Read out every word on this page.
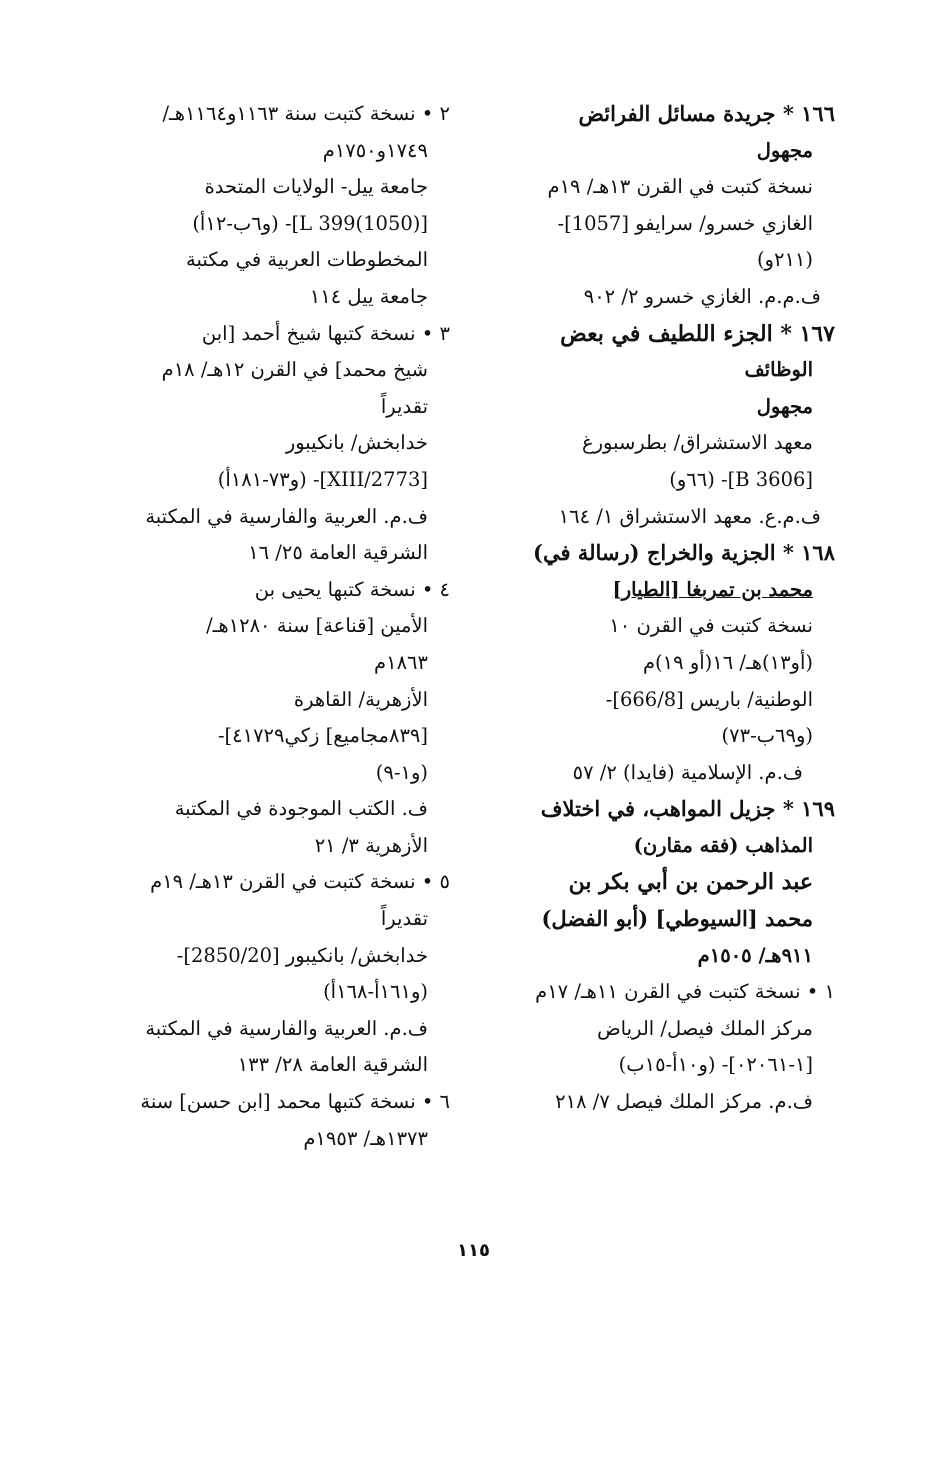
١٦٦ * جريدة مسائل الفرائض
مجهول
نسخة كتبت في القرن ١٣هـ/ ١٩م
الغازي خسرو/ سرايفو [1057]-
(٢١١و)
ف.م.م. الغازي خسرو ٢/ ٩٠٢
١٦٧ * الجزء اللطيف في بعض
الوظائف
مجهول
معهد الاستشراق/ بطرسبورغ
[B 3606]- (٦٦و)
ف.م.ع. معهد الاستشراق ١/ ١٦٤
١٦٨ * الجزية والخراج (رسالة في)
محمد بن تمربغا [الطيار]
نسخة كتبت في القرن ١٠
(أو١٣)هـ/ ١٦(أو ١٩)م
الوطنية/ باريس [666/8]-
(و٦٩ب-٧٣)
ف.م. الإسلامية (فايدا) ٢/ ٥٧
١٦٩ * جزيل المواهب، في اختلاف
المذاهب (فقه مقارن)
عبد الرحمن بن أبي بكر بن
محمد [السيوطي] (أبو الفضل)
٩١١هـ/ ١٥٠٥م
١ • نسخة كتبت في القرن ١١هـ/ ١٧م
مركز الملك فيصل/ الرياض
[١-٠٢٠٦١]- (و١٠أ-١٥ب)
ف.م. مركز الملك فيصل ٧/ ٢١٨
٢ • نسخة كتبت سنة ١١٦٣و١١٦٤هـ/
١٧٤٩و١٧٥٠م
جامعة ييل- الولايات المتحدة
[L 399(1050)]- (و٦ب-١٢أ)
المخطوطات العربية في مكتبة
جامعة ييل ١١٤
٣ • نسخة كتبها شيخ أحمد [ابن
شيخ محمد] في القرن ١٢هـ/ ١٨م
تقديراً
خدابخش/ بانكيبور
[2773/XIII]- (و٧٣-١٨١أ)
ف.م. العربية والفارسية في المكتبة
الشرقية العامة ٢٥/ ١٦
٤ • نسخة كتبها يحيى بن
الأمين [قناعة] سنة ١٢٨٠هـ/
١٨٦٣م
الأزهرية/ القاهرة
[٨٣٩مجاميع] زكي٤١٧٢٩]-
(و١-٩)
ف. الكتب الموجودة في المكتبة
الأزهرية ٣/ ٢١
٥ • نسخة كتبت في القرن ١٣هـ/ ١٩م
تقديراً
خدابخش/ بانكيبور [2850/20]-
(و١٦١أ-١٦٨أ)
ف.م. العربية والفارسية في المكتبة
الشرقية العامة ٢٨/ ١٣٣
٦ • نسخة كتبها محمد [ابن حسن] سنة
١٣٧٣هـ/ ١٩٥٣م
١١٥
